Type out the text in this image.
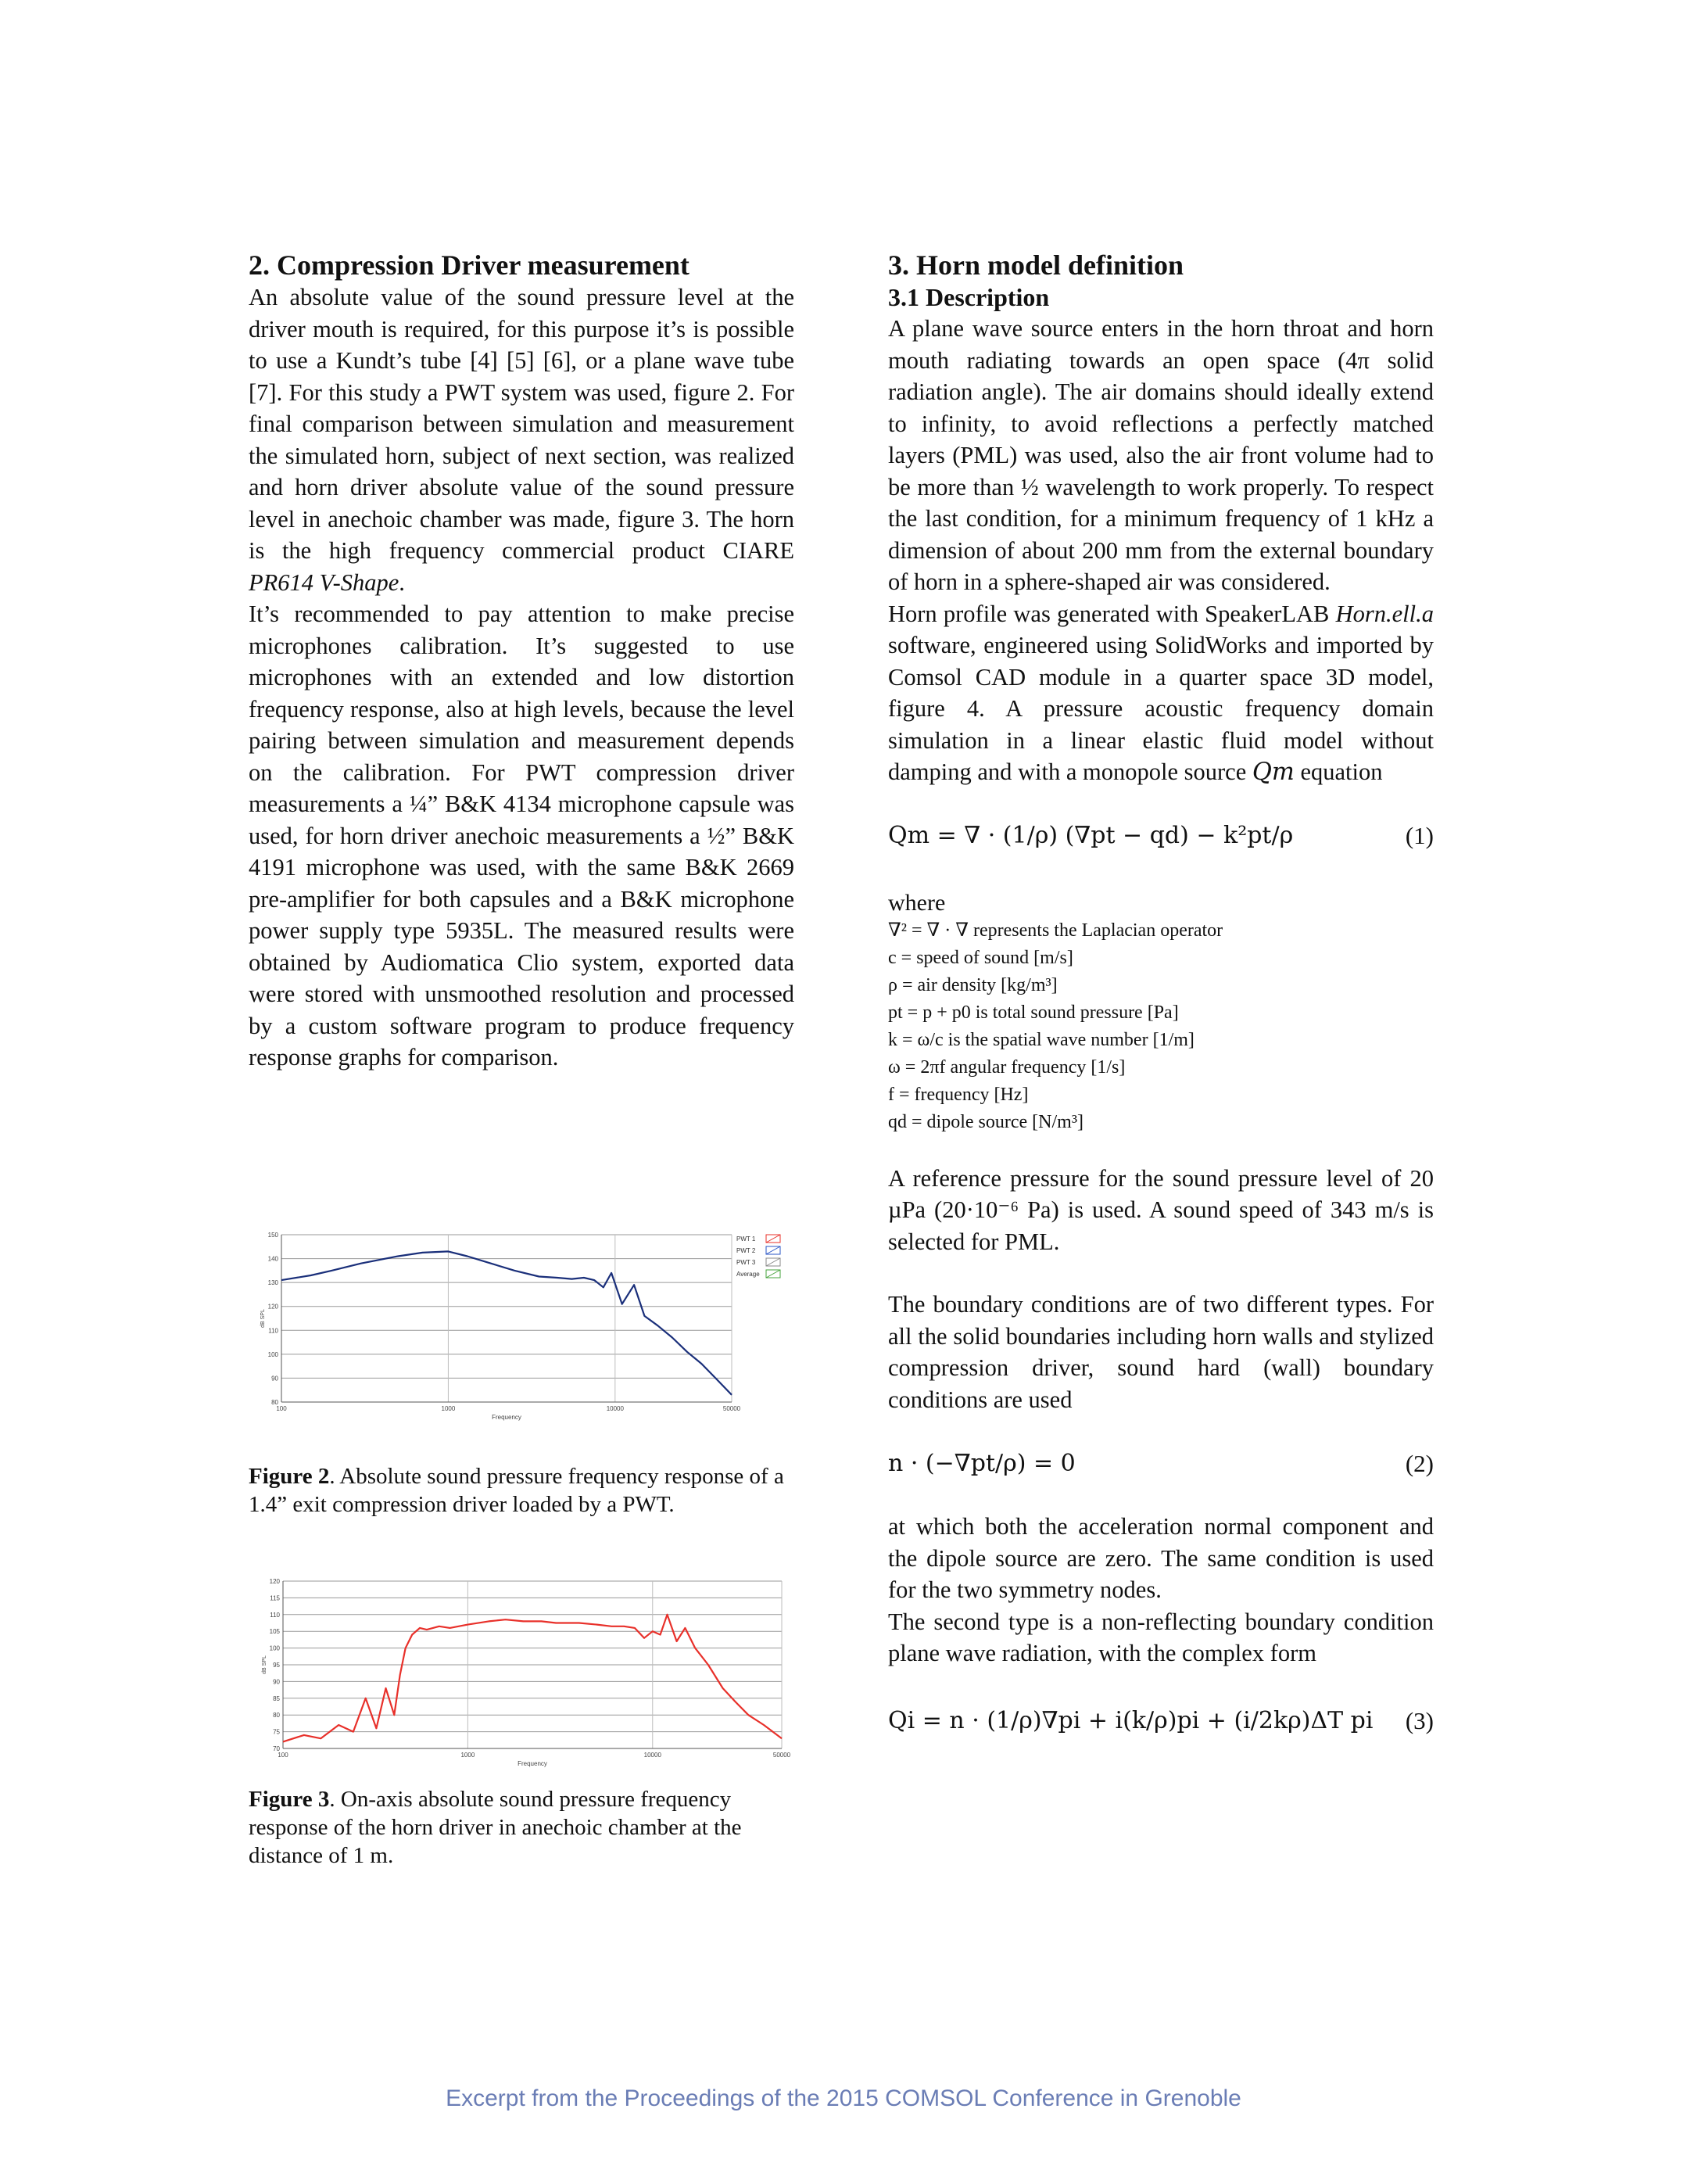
2. Compression Driver measurement

An absolute value of the sound pressure level at the driver mouth is required, for this purpose it’s is possible to use a Kundt’s tube [4] [5] [6], or a plane wave tube [7]. For this study a PWT system was used, figure 2. For final comparison between simulation and measurement the simulated horn, subject of next section, was realized and horn driver absolute value of the sound pressure level in anechoic chamber was made, figure 3. The horn is the high frequency commercial product CIARE PR614 V-Shape.

It’s recommended to pay attention to make precise microphones calibration. It’s suggested to use microphones with an extended and low distortion frequency response, also at high levels, because the level pairing between simulation and measurement depends on the calibration. For PWT compression driver measurements a ¼” B&K 4134 microphone capsule was used, for horn driver anechoic measurements a ½” B&K 4191 microphone was used, with the same B&K 2669 pre-amplifier for both capsules and a B&K microphone power supply type 5935L. The measured results were obtained by Audiomatica Clio system, exported data were stored with unsmoothed resolution and processed by a custom software program to produce frequency response graphs for comparison.

80
90
100
110
120
130
140
150
100	1000	10000	50000
Frequency
dB SPL
PWT 1
PWT 2
PWT 3
Average

Figure 2. Absolute sound pressure frequency response of a 1.4” exit compression driver loaded by a PWT.

70
75
80
85
90
95
100
105
110
115
120
100	1000	10000	50000
Frequency
dB SPL

Figure 3. On-axis absolute sound pressure frequency response of the horn driver in anechoic chamber at the distance of 1 m.

3. Horn model definition
3.1 Description

A plane wave source enters in the horn throat and horn mouth radiating towards an open space (4π solid radiation angle). The air domains should ideally extend to infinity, to avoid reflections a perfectly matched layers (PML) was used, also the air front volume had to be more than ½ wavelength to work properly. To respect the last condition, for a minimum frequency of 1 kHz a dimension of about 200 mm from the external boundary of horn in a sphere-shaped air was considered.

Horn profile was generated with SpeakerLAB Horn.ell.a software, engineered using SolidWorks and imported by Comsol CAD module in a quarter space 3D model, figure 4. A pressure acoustic frequency domain simulation in a linear elastic fluid model without damping and with a monopole source Qm equation

Qm = ∇ · (1/ρ) (∇pt − qd) − k²pt/ρ	(1)

where

∇² = ∇ · ∇ represents the Laplacian operator
c = speed of sound [m/s]
ρ = air density [kg/m³]
pt = p + p0 is total sound pressure [Pa]
k = ω/c is the spatial wave number [1/m]
ω = 2πf angular frequency [1/s]
f = frequency [Hz]
qd = dipole source [N/m³]

A reference pressure for the sound pressure level of 20 µPa (20·10⁻⁶ Pa) is used. A sound speed of 343 m/s is selected for PML.

The boundary conditions are of two different types. For all the solid boundaries including horn walls and stylized compression driver, sound hard (wall) boundary conditions are used

n · (−∇pt/ρ) = 0	(2)

at which both the acceleration normal component and the dipole source are zero. The same condition is used for the two symmetry nodes.

The second type is a non-reflecting boundary condition plane wave radiation, with the complex form

Qi = n · (1/ρ)∇pi + i(k/ρ)pi + (i/2kρ)ΔT pi (3)
Excerpt from the Proceedings of the 2015 COMSOL Conference in Grenoble
